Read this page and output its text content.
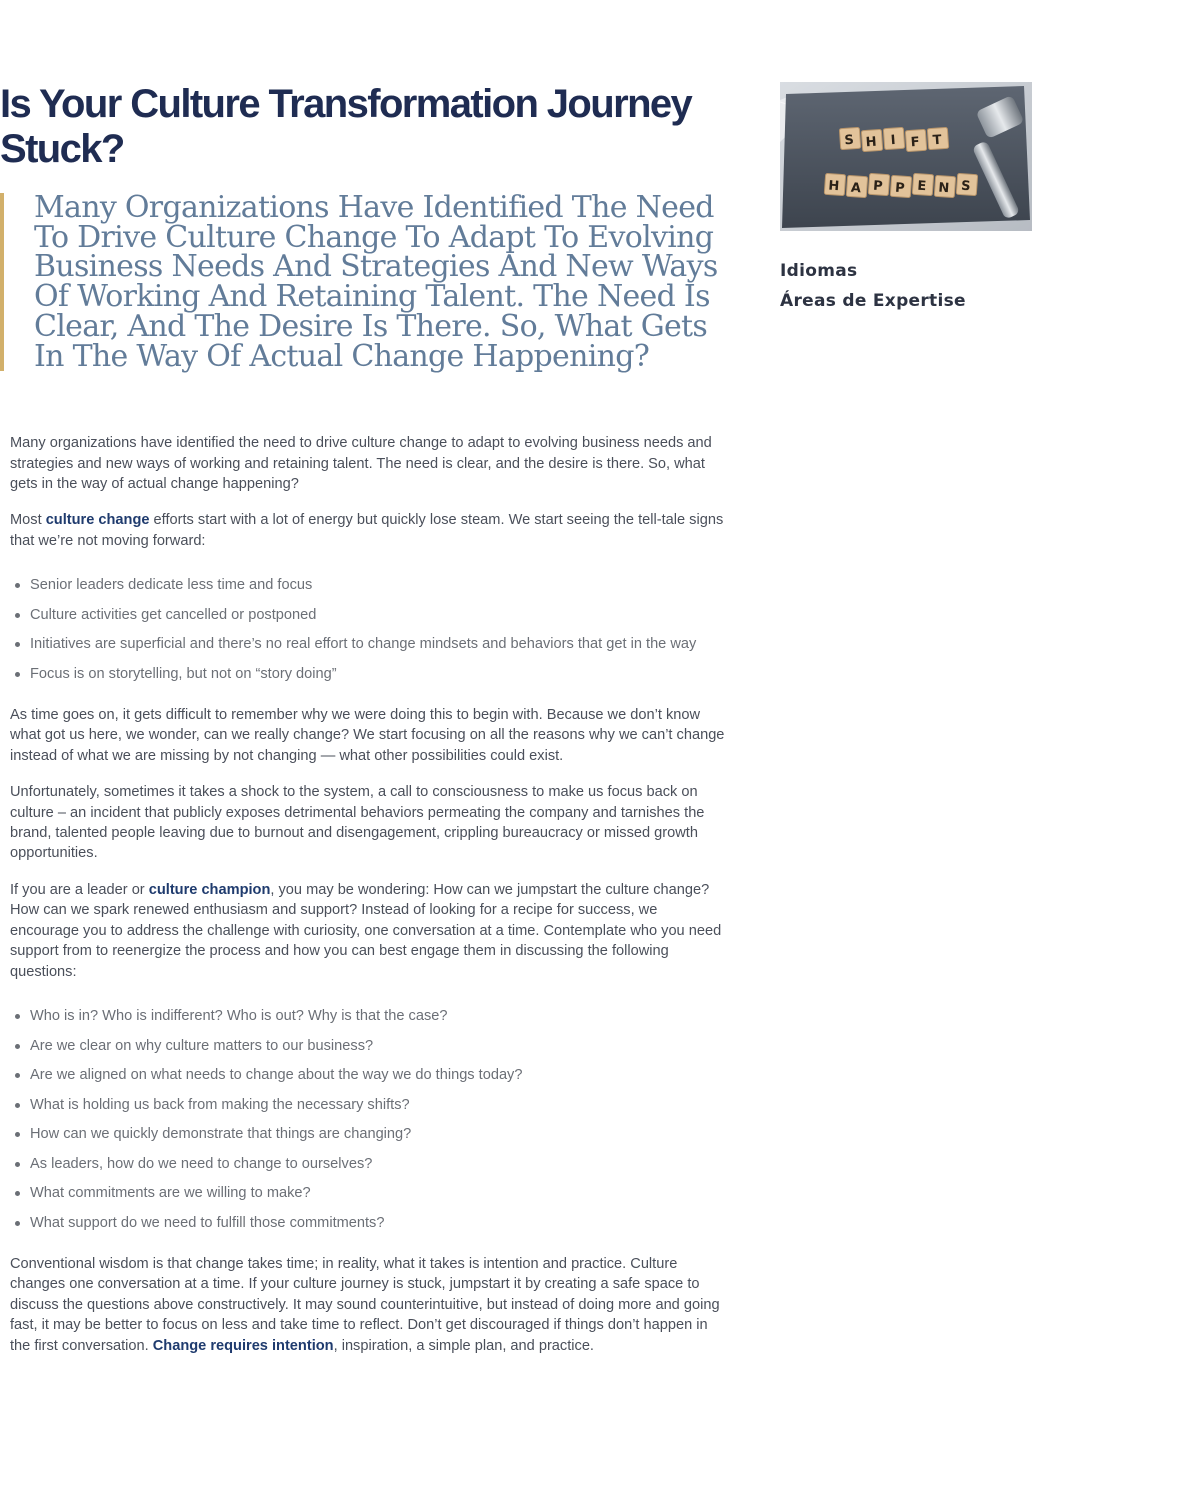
Is Your Culture Transformation Journey Stuck?
Many Organizations Have Identified The Need To Drive Culture Change To Adapt To Evolving Business Needs And Strategies And New Ways Of Working And Retaining Talent. The Need Is Clear, And The Desire Is There. So, What Gets In The Way Of Actual Change Happening?

Many organizations have identified the need to drive culture change to adapt to evolving business needs and strategies and new ways of working and retaining talent. The need is clear, and the desire is there. So, what gets in the way of actual change happening?

Most culture change efforts start with a lot of energy but quickly lose steam. We start seeing the tell-tale signs that we’re not moving forward:

Senior leaders dedicate less time and focus
Culture activities get cancelled or postponed
Initiatives are superficial and there’s no real effort to change mindsets and behaviors that get in the way
Focus is on storytelling, but not on “story doing”

As time goes on, it gets difficult to remember why we were doing this to begin with. Because we don’t know what got us here, we wonder, can we really change? We start focusing on all the reasons why we can’t change instead of what we are missing by not changing — what other possibilities could exist.

Unfortunately, sometimes it takes a shock to the system, a call to consciousness to make us focus back on culture – an incident that publicly exposes detrimental behaviors permeating the company and tarnishes the brand, talented people leaving due to burnout and disengagement, crippling bureaucracy or missed growth opportunities.

If you are a leader or culture champion, you may be wondering: How can we jumpstart the culture change? How can we spark renewed enthusiasm and support? Instead of looking for a recipe for success, we encourage you to address the challenge with curiosity, one conversation at a time. Contemplate who you need support from to reenergize the process and how you can best engage them in discussing the following questions:

Who is in? Who is indifferent? Who is out? Why is that the case?
Are we clear on why culture matters to our business?
Are we aligned on what needs to change about the way we do things today?
What is holding us back from making the necessary shifts?
How can we quickly demonstrate that things are changing?
As leaders, how do we need to change to ourselves?
What commitments are we willing to make?
What support do we need to fulfill those commitments?

Conventional wisdom is that change takes time; in reality, what it takes is intention and practice. Culture changes one conversation at a time. If your culture journey is stuck, jumpstart it by creating a safe space to discuss the questions above constructively. It may sound counterintuitive, but instead of doing more and going fast, it may be better to focus on less and take time to reflect. Don’t get discouraged if things don’t happen in the first conversation. Change requires intention, inspiration, a simple plan, and practice.

S H I F T
H A P P E N S
Idiomas
Áreas de Expertise
